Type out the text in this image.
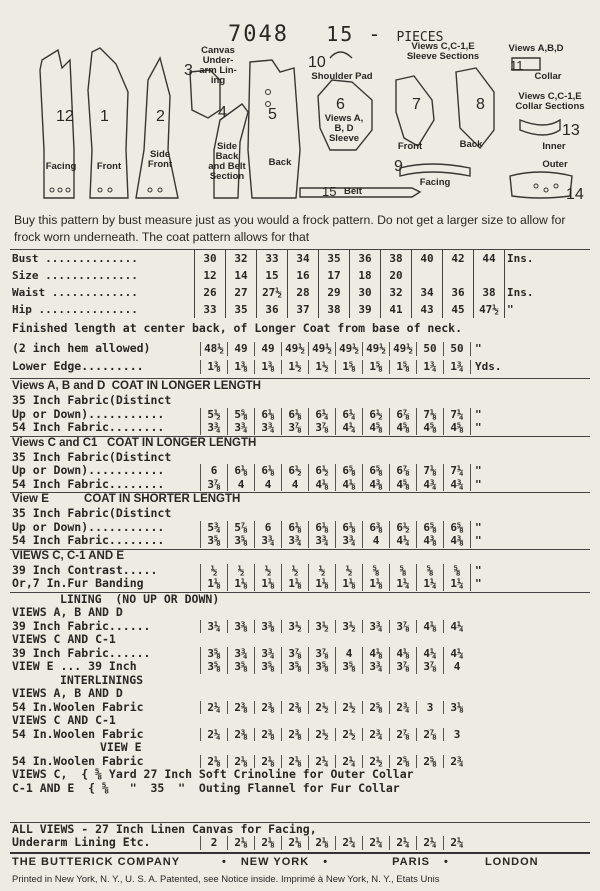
7048 15 - PIECES
12
Facing
1
Front
2
Side Front
3
Canvas Under-arm Lin-ing
4
Side Back and Belt Section
5
Back
10
Shoulder Pad
6
Views A, B, D Sleeve
15 Belt
7
Front
8
Back
9
Facing
11
Collar
13
Inner
14
Outer
Views C,C-1,E Sleeve Sections
Views A,B,D
Views C,C-1,E Collar Sections
Buy this pattern by bust measure just as you would a frock pattern. Do not get a larger size to allow for frock worn underneath. The coat pattern allows for that
Bust ..............	30	32	33	34	35	36	38	40	42	44	Ins.
Size ..............	12	14	15	16	17	18	20				
Waist .............	26	27	27½	28	29	30	32	34	36	38	Ins.
Hip ...............	33	35	36	37	38	39	41	43	45	47½	"
Finished length at center back, of Longer Coat from base of neck.
(2 inch hem allowed)	48½ 49	49 49½ 49½ 49½ 49½ 49½ 50	50	"
Lower Edge.........	1⅜	1⅜	1⅜	1½	1½	1⅝	1⅝	1⅝	1¾	1¾	Yds.
Views A, B and D  COAT IN LONGER LENGTH
35 Inch Fabric(Distinct
Up or Down)...........	5½	5⅝	6⅛	6⅛	6¼	6¼	6½	6⅞	7⅛	7¼	"
54 Inch Fabric........	3¾	3¾	3¾	3⅞	3⅞	4¼	4⅝	4⅝	4⅝	4⅝	"
Views C and C1   COAT IN LONGER LENGTH
35 Inch Fabric(Distinct
Up or Down)...........	6	6⅛	6⅛	6½	6½	6⅝	6⅝	6⅞	7⅛	7¼	"
54 Inch Fabric........	3⅞	4	4	4	4⅛	4⅛	4⅜	4⅝	4¾	4¾	"
View E           COAT IN SHORTER LENGTH
35 Inch Fabric(Distinct
Up or Down)...........	5¾	5⅞	6	6⅛	6⅛	6⅛	6⅜	6½	6⅝	6⅝	"
54 Inch Fabric........	3⅝	3⅝	3¾	3¾	3¾	3¾	4	4¼	4⅜	4⅜	"
VIEWS C, C-1 AND E
39 Inch Contrast.....	½	½	½	½	½	½	⅝	⅝	⅝	⅝	"
Or,7 In.Fur Banding	1⅛	1⅛	1⅛	1⅛	1⅛	1⅛	1⅛	1¼	1¼	1¼	"
LINING  (NO UP OR DOWN)
VIEWS A, B AND D
39 Inch Fabric......	3¼	3⅜	3⅜	3½	3½	3½	3¾	3⅞	4⅛	4¼
VIEWS C AND C-1
39 Inch Fabric......	3⅝	3¾	3¾	3⅞	3⅞	4	4⅛	4⅛	4¼	4¼
VIEW E ... 39 Inch	3⅝	3⅝	3⅝	3⅝	3⅝	3⅝	3¾	3⅞	3⅞	4
INTERLININGS
VIEWS A, B AND D
54 In.Woolen Fabric	2¼	2⅜	2⅜	2⅜	2½	2½	2⅝	2¾	3	3⅛
VIEWS C AND C-1
54 In.Woolen Fabric	2¼	2⅜	2⅜	2⅜	2½	2½	2¾	2⅞	2⅞	3
VIEW E
54 In.Woolen Fabric	2⅛	2⅛	2⅛	2⅛	2¼	2¼	2½	2⅝	2⅝	2¾
VIEWS C,  { ⅝ Yard 27 Inch Soft Crinoline for Outer Collar
C-1 AND E  { ⅝   "  35  "  Outing Flannel for Fur Collar
ALL VIEWS - 27 Inch Linen Canvas for Facing,
Underarm Lining Etc.	2	2⅛	2⅛	2⅛	2⅛	2¼	2¼	2¼	2¼	2¼
THE BUTTERICK COMPANY	• NEW YORK •	PARIS •	LONDON
Printed in New York, N. Y., U. S. A. Patented, see Notice inside. Imprimé à New York, N. Y., Etats Unis
